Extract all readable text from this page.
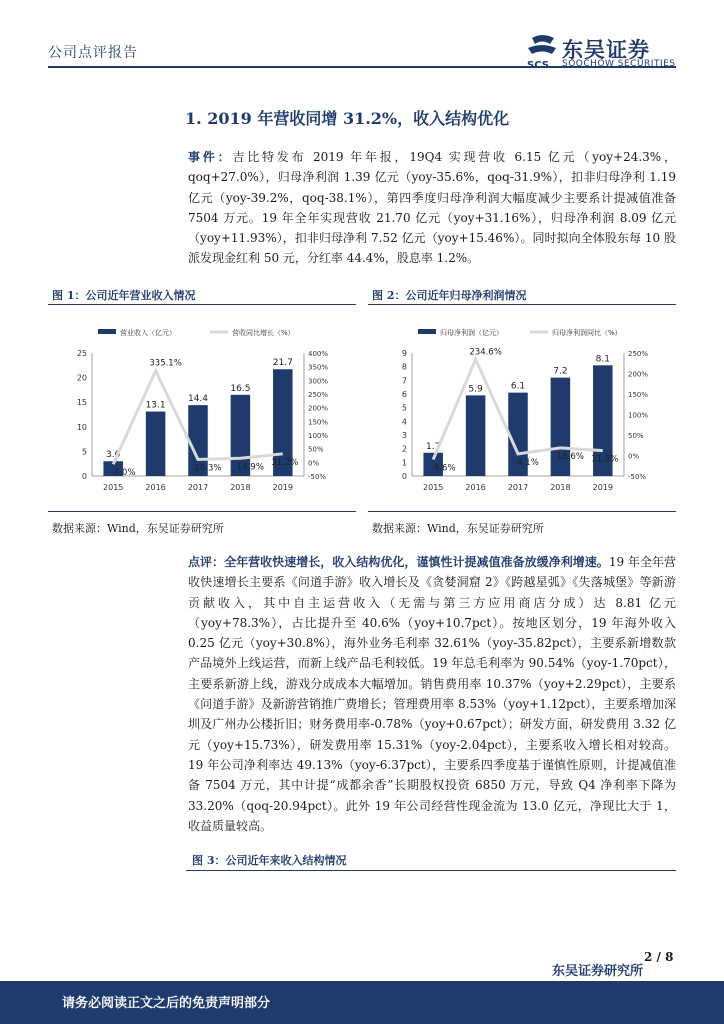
公司点评报告
SCS
东吴证券
SOOCHOW SECURITIES
1. 2019 年营收同增 31.2%，收入结构优化
事件：吉比特发布 2019 年年报，19Q4 实现营收 6.15 亿元（yoy+24.3%，qoq+27.0%），归母净利润 1.39 亿元（yoy-35.6%，qoq-31.9%），扣非归母净利 1.19 亿元（yoy-39.2%，qoq-38.1%），第四季度归母净利润大幅度减少主要系计提减值准备 7504 万元。19 年全年实现营收 21.70 亿元（yoy+31.16%），归母净利润 8.09 亿元（yoy+11.93%），扣非归母净利 7.52 亿元（yoy+15.46%）。同时拟向全体股东每 10 股派发现金红利 50 元，分红率 44.4%，股息率 1.2%。
图 1：公司近年营业收入情况
营业收入（亿元）	营收同比增长（%）
0
5
10
15
20
25
-50%
0%
50%
100%
150%
200%
250%
300%
350%
400%
2015	2016	2017	2018	2019
3.0
13.1
14.4
16.5
21.7
-7.0%
335.1%
10.3% 14.9% 31.2%
数据来源：Wind，东吴证券研究所
图 2：公司近年归母净利润情况
归母净利润（亿元）	归母净利润同比（%）
0
1
2
3
4
5
6
7
8
9
-50%
0%
50%
100%
150%
200%
250%
2015	2016	2017	2018	2019
1.7
5.9	6.1
7.2
8.1
-9.6%
234.6%
4.1%
18.6% 11.9%
数据来源：Wind，东吴证券研究所
点评：全年营收快速增长，收入结构优化，谨慎性计提减值准备放缓净利增速。19 年全年营收快速增长主要系《问道手游》收入增长及《贪婪洞窟 2》《跨越星弧》《失落城堡》等新游贡献收入，其中自主运营收入（无需与第三方应用商店分成）达 8.81 亿元（yoy+78.3%），占比提升至 40.6%（yoy+10.7pct）。按地区划分，19 年海外收入 0.25 亿元（yoy+30.8%），海外业务毛利率 32.61%（yoy-35.82pct），主要系新增数款产品境外上线运营，而新上线产品毛利较低。19 年总毛利率为 90.54%（yoy-1.70pct），主要系新游上线，游戏分成成本大幅增加。销售费用率 10.37%（yoy+2.29pct），主要系《问道手游》及新游营销推广费增长；管理费用率 8.53%（yoy+1.12pct），主要系增加深圳及广州办公楼折旧；财务费用率-0.78%（yoy+0.67pct）；研发方面，研发费用 3.32 亿元（yoy+15.73%），研发费用率 15.31%（yoy-2.04pct），主要系收入增长相对较高。19 年公司净利率达 49.13%（yoy-6.37pct），主要系四季度基于谨慎性原则，计提减值准备 7504 万元，其中计提“成都余香”长期股权投资 6850 万元，导致 Q4 净利率下降为 33.20%（qoq-20.94pct）。此外 19 年公司经营性现金流为 13.0 亿元，净现比大于 1，收益质量较高。
图 3：公司近年来收入结构情况
2 / 8
请务必阅读正文之后的免责声明部分
东吴证券研究所
